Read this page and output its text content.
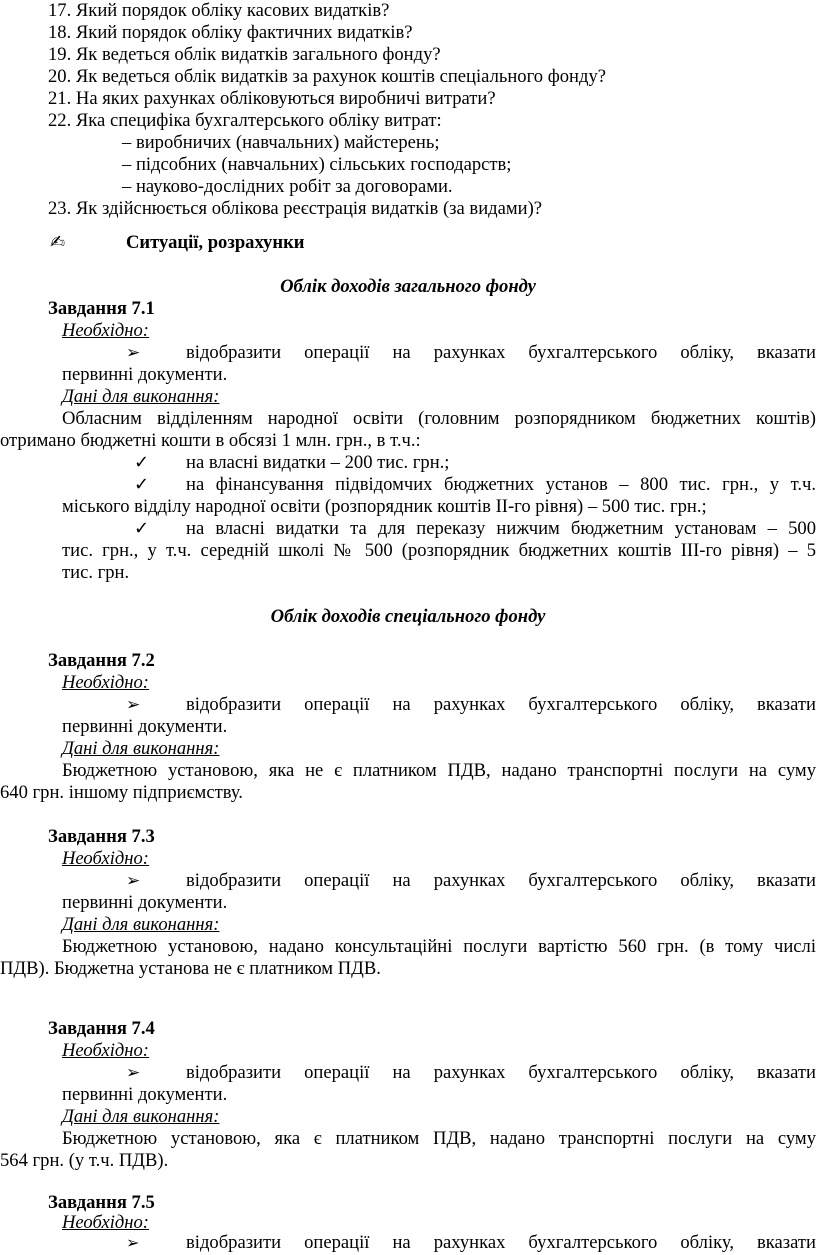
17. Який порядок обліку касових видатків?
18. Який порядок обліку фактичних видатків?
19. Як ведеться облік видатків загального фонду?
20. Як ведеться облік видатків за рахунок коштів спеціального фонду?
21. На яких рахунках обліковуються виробничі витрати?
22. Яка специфіка бухгалтерського обліку витрат:
– виробничих (навчальних) майстерень;
– підсобних (навчальних) сільських господарств;
– науково-дослідних робіт за договорами.
23. Як здійснюється облікова реєстрація видатків (за видами)?
✍	Ситуації, розрахунки
Облік доходів загального фонду
Завдання 7.1
Необхідно:
➢ відобразити операції на рахунках бухгалтерського обліку, вказати
первинні документи.
Дані для виконання:
Обласним відділенням народної освіти (головним розпорядником бюджетних коштів)
отримано бюджетні кошти в обсязі 1 млн. грн., в т.ч.:
✓ на власні видатки – 200 тис. грн.;
✓ на фінансування підвідомчих бюджетних установ – 800 тис. грн., у т.ч.
міського відділу народної освіти (розпорядник коштів ІІ-го рівня) – 500 тис. грн.;
✓ на власні видатки та для переказу нижчим бюджетним установам – 500
тис. грн., у т.ч. середній школі № 500 (розпорядник бюджетних коштів ІІІ-го рівня) – 5
тис. грн.
Облік доходів спеціального фонду
Завдання 7.2
Необхідно:
➢ відобразити операції на рахунках бухгалтерського обліку, вказати
первинні документи.
Дані для виконання:
Бюджетною установою, яка не є платником ПДВ, надано транспортні послуги на суму
640 грн. іншому підприємству.
Завдання 7.3
Необхідно:
➢ відобразити операції на рахунках бухгалтерського обліку, вказати
первинні документи.
Дані для виконання:
Бюджетною установою, надано консультаційні послуги вартістю 560 грн. (в тому числі
ПДВ). Бюджетна установа не є платником ПДВ.
Завдання 7.4
Необхідно:
➢ відобразити операції на рахунках бухгалтерського обліку, вказати
первинні документи.
Дані для виконання:
Бюджетною установою, яка є платником ПДВ, надано транспортні послуги на суму
564 грн. (у т.ч. ПДВ).
Завдання 7.5
Необхідно:
➢	відобразити операції на рахунках бухгалтерського обліку, вказати
